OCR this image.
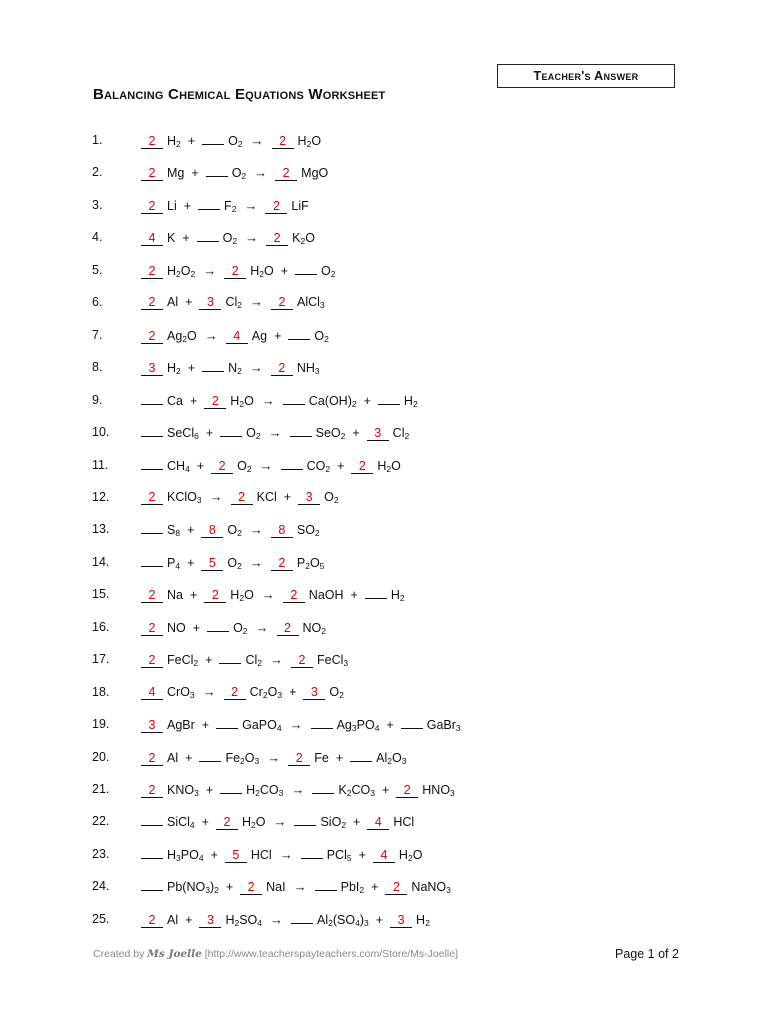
Teacher's Answer
Balancing Chemical Equations Worksheet
1.	2 $H_2$ +	$O_2 \to 2$ $H_2O$
2.	2 Mg +	$O_2 \to 2$ MgO
3.	2 Li +	$F_2 \to 2$ LiF
4.	4 K +	$O_2 \to 2$ $K_2O$
5.	2 $H_2O_2 \to 2$ $H_2O$ +	$O_2$
6.	2 Al + 3 $Cl_2 \to 2$ AlCl$_3$
7.	2 $Ag_2O \to 4$ Ag +	$O_2$
8.	3 $H_2$ +	$N_2 \to 2$ $NH_3$
9.	Ca + 2 $H_2O$ →	$Ca(OH)_2$ +	$H_2$
10.	SeCl$_6$ +	$O_2$ →	SeO$_2$ + 3 $Cl_2$
11.	$CH_4 + 2$ $O_2$ →	$CO_2 + 2$ $H_2O$
12.	2 KClO$_3$ → 2 KCl + 3 $O_2$
13.	$S_8 + 8$ $O_2 \to 8$ $SO_2$
14.	$P_4 + 5$ $O_2 \to 2$ $P_2O_5$
15.	2 Na + 2 $H_2O \to 2$ NaOH +	$H_2$
16.	2 NO +	$O_2 \to 2$ $NO_2$
17.	2 FeCl$_2$ +	$Cl_2 \to 2$ FeCl$_3$
18.	4 CrO$_3$ → 2 $Cr_2O_3 + 3$ $O_2$
19.	3 AgBr +	GaPO$_4$ →	$Ag_3PO_4$ +	GaBr$_3$
20.	2 Al +	$Fe_2O_3 \to 2$ Fe +	$Al_2O_3$
21.	2 $KNO_3$ +	$H_2CO_3$ →	$K_2CO_3 + 2$ $HNO_3$
22.	SiCl$_4$ + 2 $H_2O$ →	SiO$_2$ + 4 HCl
23.	$H_3PO_4 + 5$ HCl →	PCl$_5$ + 4 $H_2O$
24.	$Pb(NO_3)_2 + 2$ NaI →	PbI$_2$ + 2 NaNO$_3$
25.	2 Al + 3 $H_2SO_4$ →	$Al_2(SO_4)_3 + 3$ $H_2$
Created by Ms Joelle [http://www.teacherspayteachers.com/Store/Ms-Joelle]	Page 1 of 2
